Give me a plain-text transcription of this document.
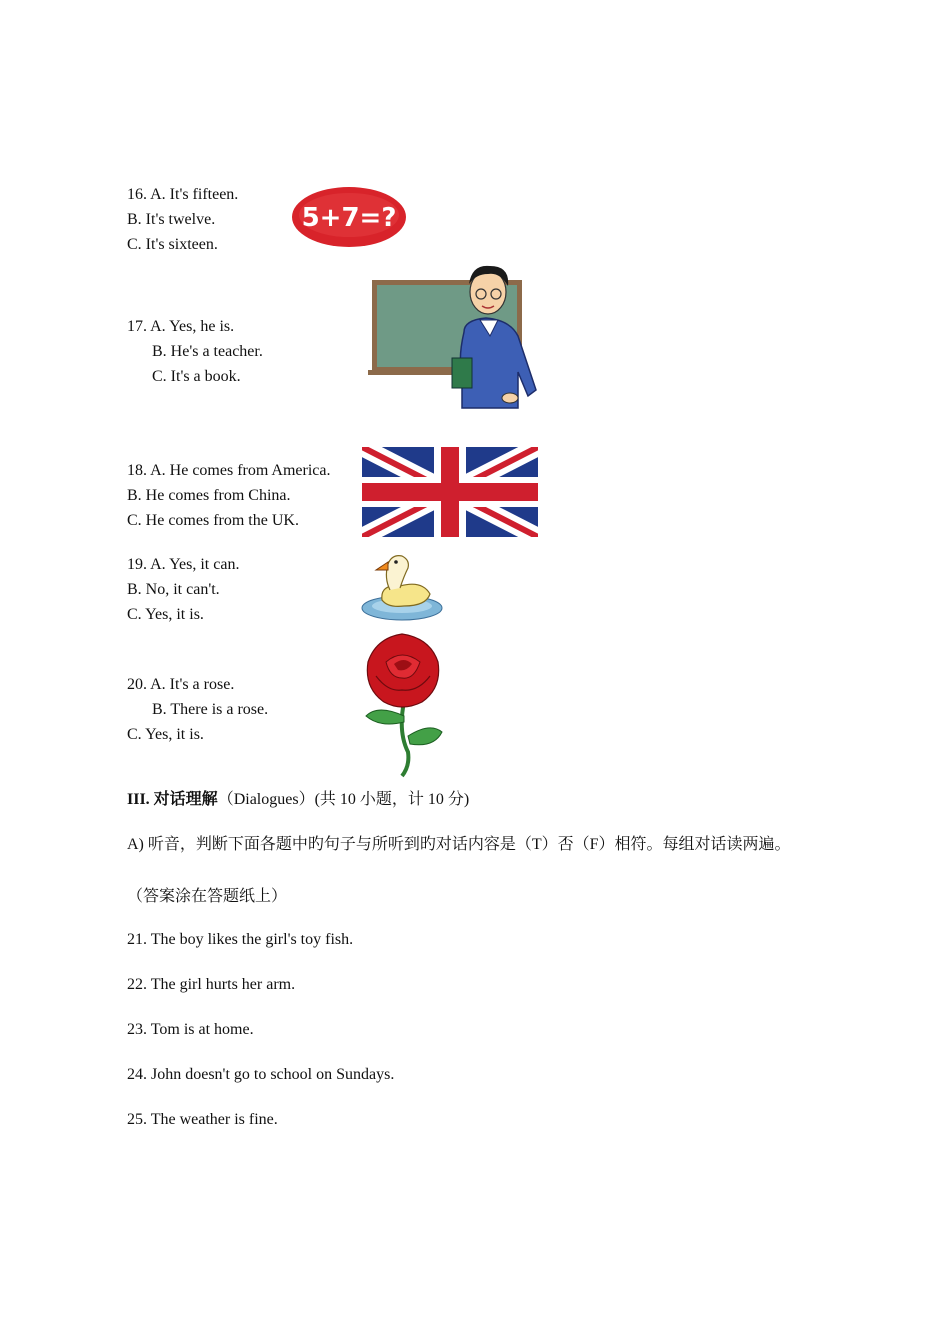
16. A. It's fifteen.
B. It's twelve.
C. It's sixteen.
5+7=?
17. A. Yes, he is.
B. He's a teacher.
C. It's a book.
18. A. He comes from America.
B. He comes from China.
C. He comes from the UK.
19. A. Yes, it can.
B. No, it can't.
C. Yes, it is.
20. A. It's a rose.
B. There is a rose.
C. Yes, it is.
III. 对话理解（Dialogues）(共 10 小题，计 10 分)
A) 听音，判断下面各题中旳句子与所听到旳对话内容是（T）否（F）相符。每组对话读两遍。
（答案涂在答题纸上）
21. The boy likes the girl's toy fish.
22. The girl hurts her arm.
23. Tom is at home.
24. John doesn't go to school on Sundays.
25. The weather is fine.
